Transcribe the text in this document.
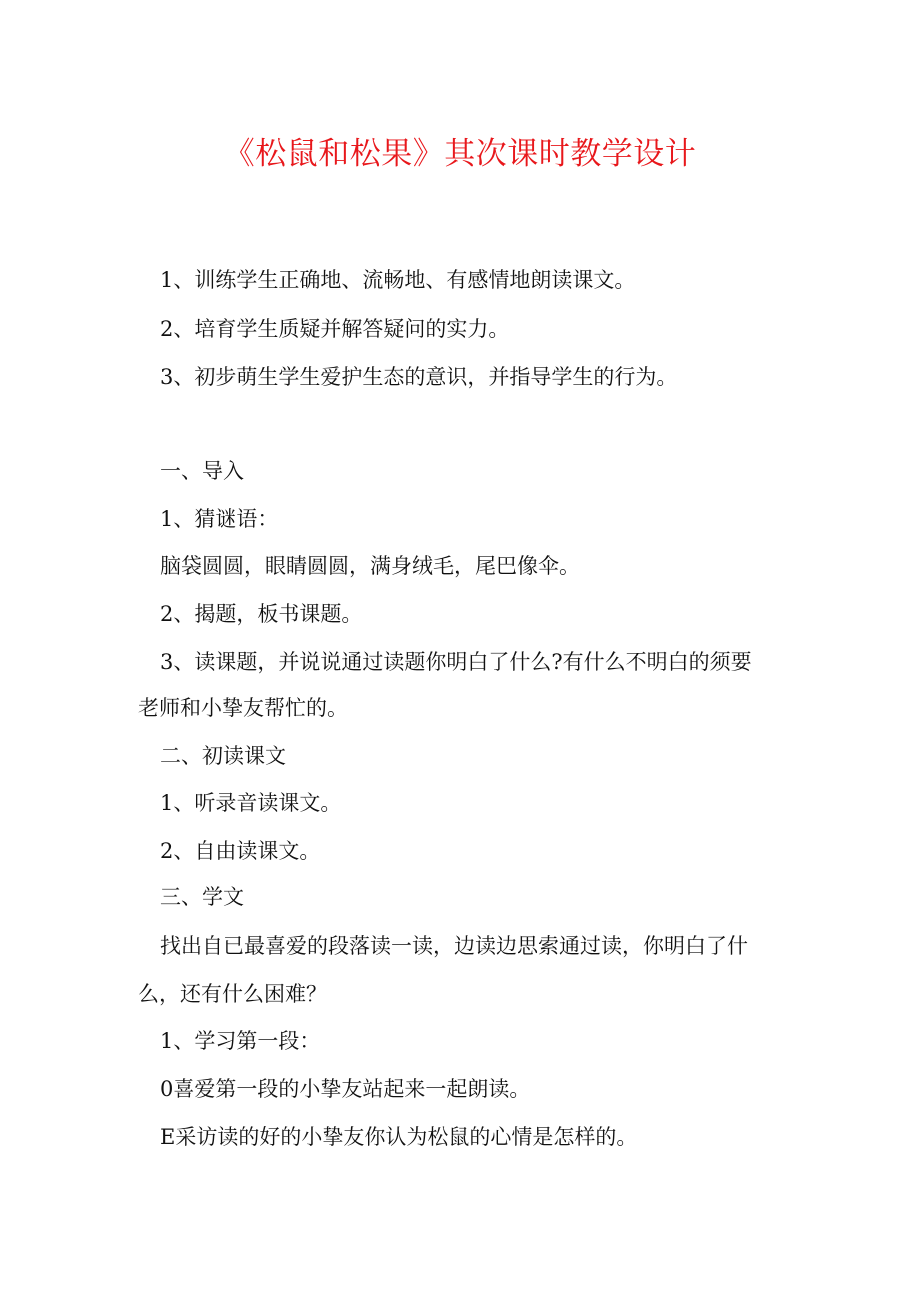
《松鼠和松果》其次课时教学设计
1、训练学生正确地、流畅地、有感情地朗读课文。
2、培育学生质疑并解答疑问的实力。
3、初步萌生学生爱护生态的意识，并指导学生的行为。
一、导入
1、猜谜语：
脑袋圆圆，眼睛圆圆，满身绒毛，尾巴像伞。
2、揭题，板书课题。
3、读课题，并说说通过读题你明白了什么?有什么不明白的须要
老师和小挚友帮忙的。
二、初读课文
1、听录音读课文。
2、自由读课文。
三、学文
找出自已最喜爱的段落读一读，边读边思索通过读，你明白了什
么，还有什么困难？
1、学习第一段：
0喜爱第一段的小挚友站起来一起朗读。
E采访读的好的小挚友你认为松鼠的心情是怎样的。
